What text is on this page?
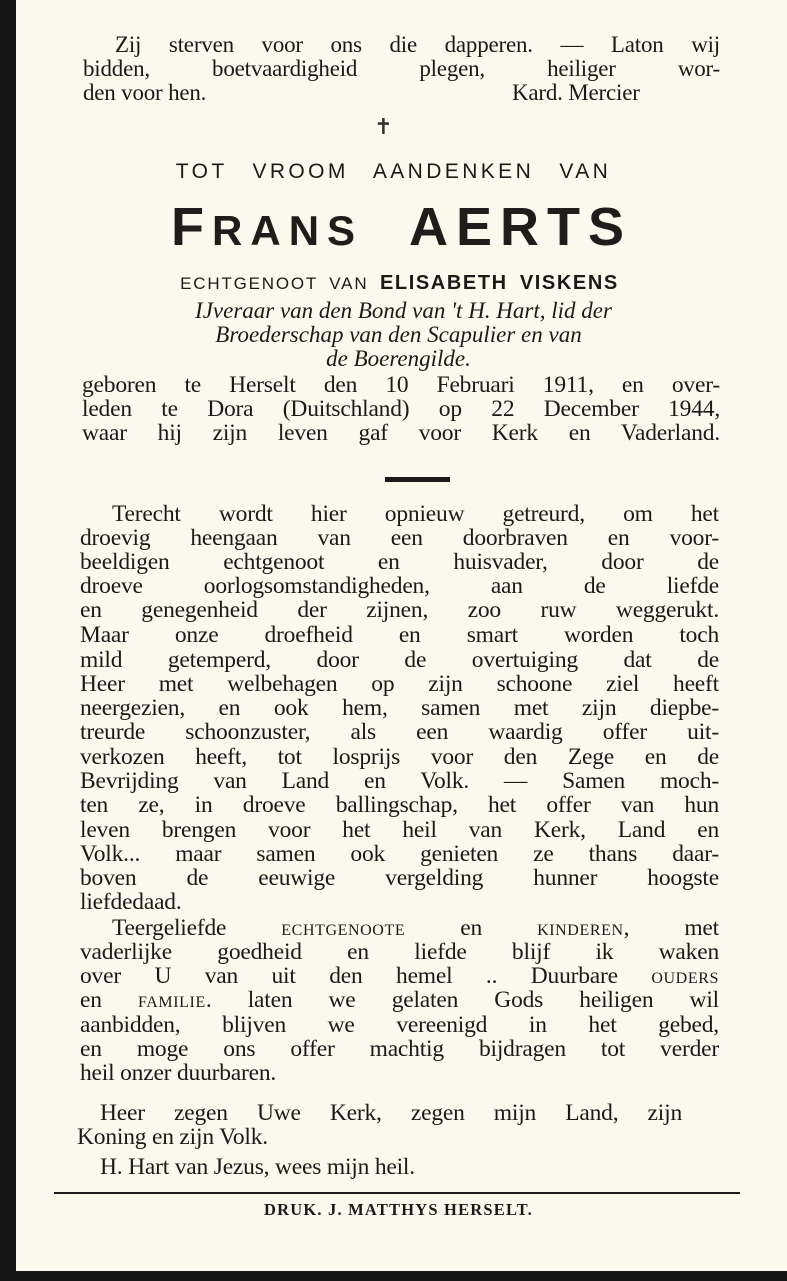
Zij sterven voor ons die dapperen. — Laton wij
bidden, boetvaardigheid plegen, heiliger wor-
den voor hen.	Kard. Mercier
✝
TOT VROOM AANDENKEN VAN
FRANS AERTS
ECHTGENOOT VAN ELISABETH VISKENS
IJveraar van den Bond van 't H. Hart, lid der
Broederschap van den Scapulier en van
de Boerengilde.
geboren te Herselt den 10 Februari 1911, en over-
leden te Dora (Duitschland) op 22 December 1944,
waar hij zijn leven gaf voor Kerk en Vaderland.
Terecht wordt hier opnieuw getreurd, om het
droevig heengaan van een doorbraven en voor-
beeldigen echtgenoot en huisvader, door de
droeve oorlogsomstandigheden, aan de liefde
en genegenheid der zijnen, zoo ruw weggerukt.
Maar onze droefheid en smart worden toch
mild getemperd, door de overtuiging dat de
Heer met welbehagen op zijn schoone ziel heeft
neergezien, en ook hem, samen met zijn diepbe-
treurde schoonzuster, als een waardig offer uit-
verkozen heeft, tot losprijs voor den Zege en de
Bevrijding van Land en Volk. — Samen moch-
ten ze, in droeve ballingschap, het offer van hun
leven brengen voor het heil van Kerk, Land en
Volk... maar samen ook genieten ze thans daar-
boven de eeuwige vergelding hunner hoogste
liefdedaad.
Teergeliefde echtgenoote en kinderen, met
vaderlijke goedheid en liefde blijf ik waken
over U van uit den hemel .. Duurbare ouders
en familie. laten we gelaten Gods heiligen wil
aanbidden, blijven we vereenigd in het gebed,
en moge ons offer machtig bijdragen tot verder
heil onzer duurbaren.
Heer zegen Uwe Kerk, zegen mijn Land, zijn
Koning en zijn Volk.
H. Hart van Jezus, wees mijn heil.
DRUK. J. MATTHYS HERSELT.
